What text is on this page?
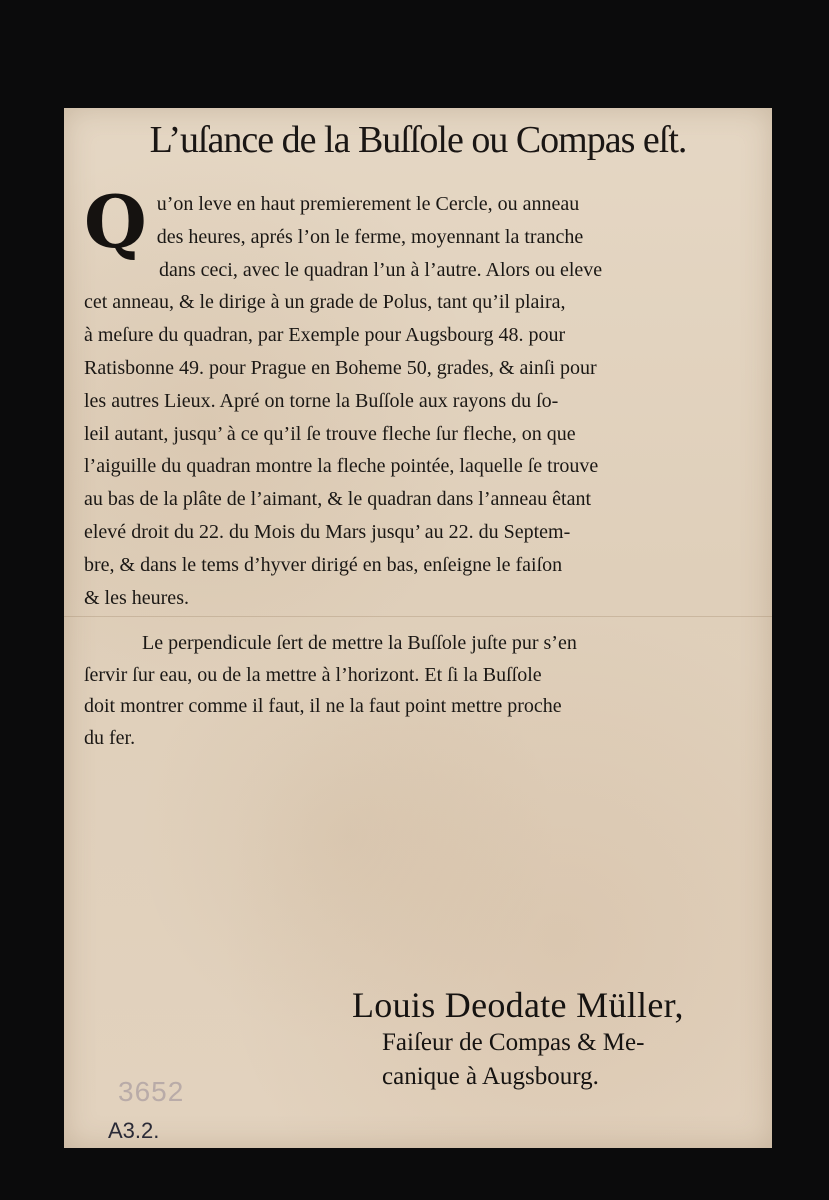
L’uſance de la Buſſole ou Compas eſt.
Q u’on leve en haut premierement le Cercle, ou anneau
des heures, aprés l’on le ferme, moyennant la tranche
dans ceci, avec le quadran l’un à l’autre. Alors ou eleve
cet anneau, & le dirige à un grade de Polus, tant qu’il plaira,
à meſure du quadran, par Exemple pour Augsbourg 48. pour
Ratisbonne 49. pour Prague en Boheme 50, grades, & ainſi pour
les autres Lieux. Apré on torne la Buſſole aux rayons du ſo-
leil autant, jusqu’ à ce qu’il ſe trouve fleche ſur fleche, on que
l’aiguille du quadran montre la fleche pointée, laquelle ſe trouve
au bas de la plâte de l’aimant, & le quadran dans l’anneau êtant
elevé droit du 22. du Mois du Mars jusqu’ au 22. du Septem-
bre, & dans le tems d’hyver dirigé en bas, enſeigne le faiſon
& les heures.
Le perpendicule ſert de mettre la Buſſole juſte pur s’en
ſervir ſur eau, ou de la mettre à l’horizont. Et ſi la Buſſole
doit montrer comme il faut, il ne la faut point mettre proche
du fer.
3652
Louis Deodate Müller,
Faiſeur de Compas & Me-
canique à Augsbourg.
A3.2.
